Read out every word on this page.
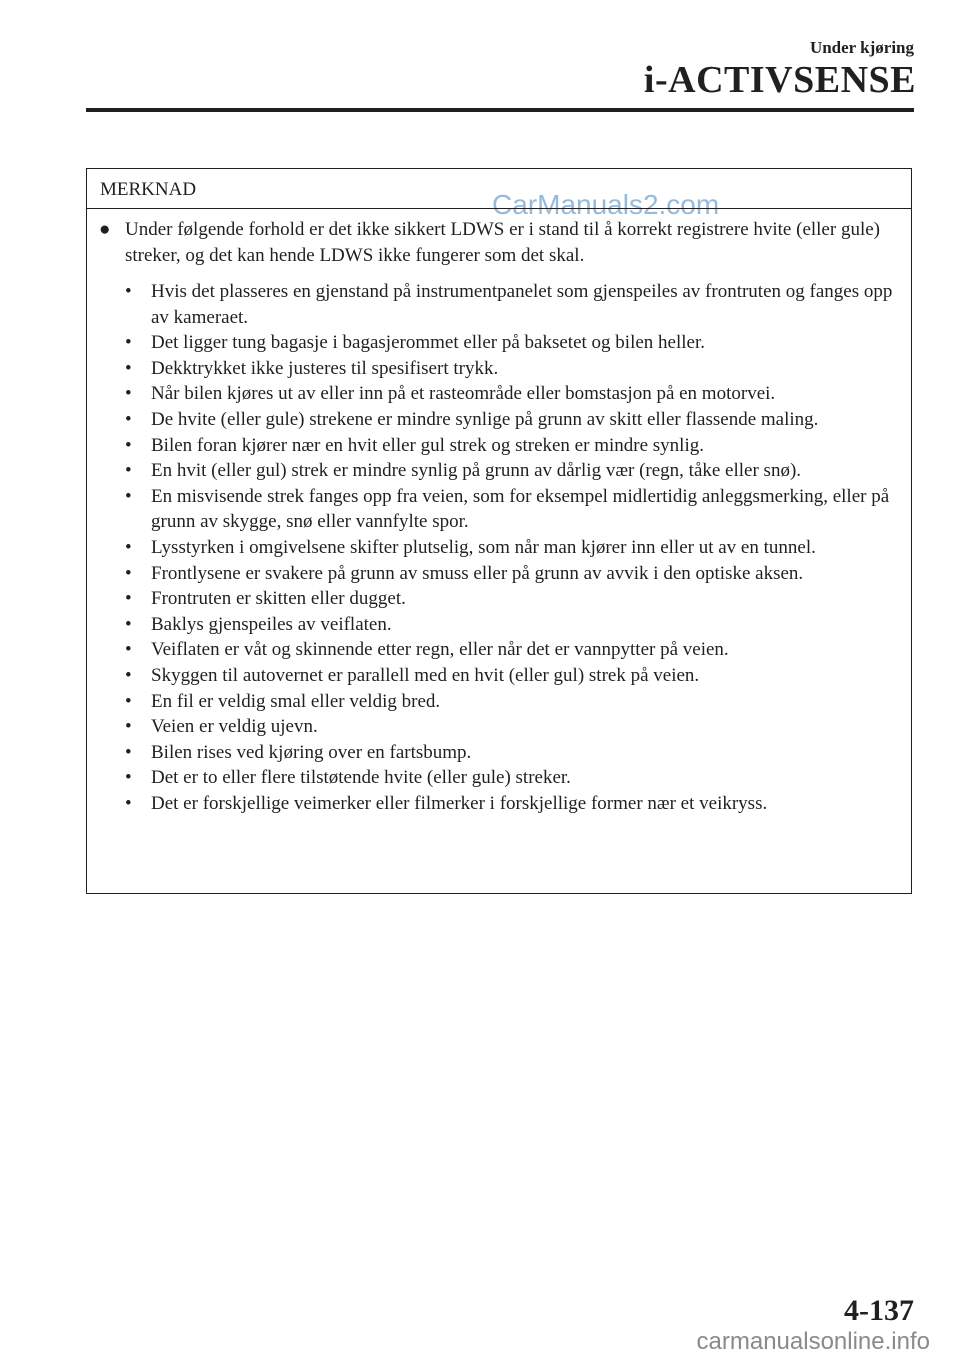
Under kjøring
i-ACTIVSENSE
MERKNAD	CarManuals2.com
● Under følgende forhold er det ikke sikkert LDWS er i stand til å korrekt registrere hvite (eller gule) streker, og det kan hende LDWS ikke fungerer som det skal.
• Hvis det plasseres en gjenstand på instrumentpanelet som gjenspeiles av frontruten og fanges opp av kameraet.
• Det ligger tung bagasje i bagasjerommet eller på baksetet og bilen heller.
• Dekktrykket ikke justeres til spesifisert trykk.
• Når bilen kjøres ut av eller inn på et rasteområde eller bomstasjon på en motorvei.
• De hvite (eller gule) strekene er mindre synlige på grunn av skitt eller flassende maling.
• Bilen foran kjører nær en hvit eller gul strek og streken er mindre synlig.
• En hvit (eller gul) strek er mindre synlig på grunn av dårlig vær (regn, tåke eller snø).
• En misvisende strek fanges opp fra veien, som for eksempel midlertidig anleggsmerking, eller på grunn av skygge, snø eller vannfylte spor.
• Lysstyrken i omgivelsene skifter plutselig, som når man kjører inn eller ut av en tunnel.
• Frontlysene er svakere på grunn av smuss eller på grunn av avvik i den optiske aksen.
• Frontruten er skitten eller dugget.
• Baklys gjenspeiles av veiflaten.
• Veiflaten er våt og skinnende etter regn, eller når det er vannpytter på veien.
• Skyggen til autovernet er parallell med en hvit (eller gul) strek på veien.
• En fil er veldig smal eller veldig bred.
• Veien er veldig ujevn.
• Bilen rises ved kjøring over en fartsbump.
• Det er to eller flere tilstøtende hvite (eller gule) streker.
• Det er forskjellige veimerker eller filmerker i forskjellige former nær et veikryss.
4-137
carmanualsonline.info
